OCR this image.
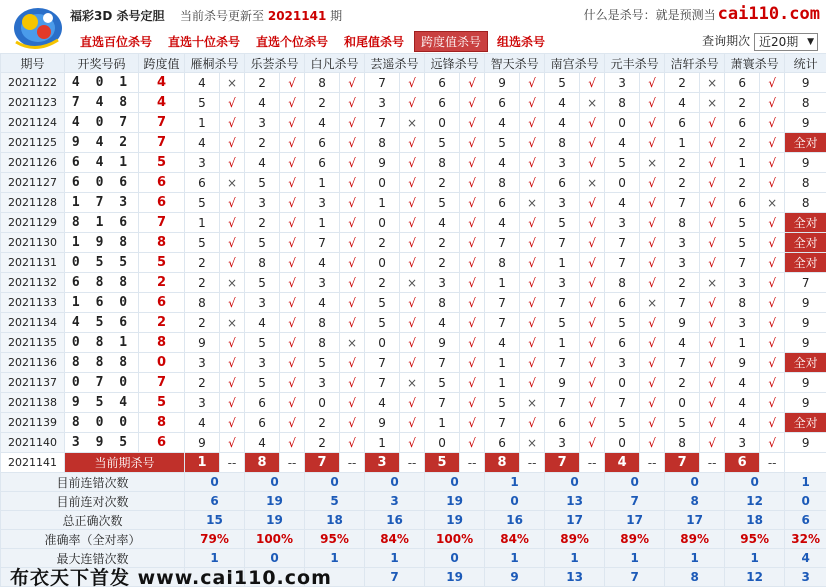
福彩3D 杀号定胆 当前杀号更新至 2021141 期	什么是杀号：就是预测当 cai110.com
直选百位杀号 直选十位杀号 直选个位杀号 和尾值杀号	跨度值杀号	组选杀号	查询期次 近20期 ▼
期号	开奖号码	跨度值	雁桐杀号		乐荟杀号		白凡杀号		芸遥杀号		远锋杀号		智天杀号		南宫杀号		元丰杀号		洁轩杀号		萧寰杀号		统计
2021122	4 0 1	4	4	×	2	√	8	√	7	√	6	√	9	√	5	√	3	√	2	×	6	√	9
2021123	7 4 8	4	5	√	4	√	2	√	3	√	6	√	6	√	4	×	8	√	4	×	2	√	8
2021124	4 0 7	7	1	√	3	√	4	√	7	×	0	√	4	√	4	√	0	√	6	√	6	√	9
2021125	9 4 2	7	4	√	2	√	6	√	8	√	5	√	5	√	8	√	4	√	1	√	2	√	全对
2021126	6 4 1	5	3	√	4	√	6	√	9	√	8	√	4	√	3	√	5	×	2	√	1	√	9
2021127	6 0 6	6	6	×	5	√	1	√	0	√	2	√	8	√	6	×	0	√	2	√	2	√	8
2021128	1 7 3	6	5	√	3	√	3	√	1	√	5	√	6	×	3	√	4	√	7	√	6	×	8
2021129	8 1 6	7	1	√	2	√	1	√	0	√	4	√	4	√	5	√	3	√	8	√	5	√	全对
2021130	1 9 8	8	5	√	5	√	7	√	2	√	2	√	7	√	7	√	7	√	3	√	5	√	全对
2021131	0 5 5	5	2	√	8	√	4	√	0	√	2	√	8	√	1	√	7	√	3	√	7	√	全对
2021132	6 8 8	2	2	×	5	√	3	√	2	×	3	√	1	√	3	√	8	√	2	×	3	√	7
2021133	1 6 0	6	8	√	3	√	4	√	5	√	8	√	7	√	7	√	6	×	7	√	8	√	9
2021134	4 5 6	2	2	×	4	√	8	√	5	√	4	√	7	√	5	√	5	√	9	√	3	√	9
2021135	0 8 1	8	9	√	5	√	8	×	0	√	9	√	4	√	1	√	6	√	4	√	1	√	9
2021136	8 8 8	0	3	√	3	√	5	√	7	√	7	√	1	√	7	√	3	√	7	√	9	√	全对
2021137	0 7 0	7	2	√	5	√	3	√	7	×	5	√	1	√	9	√	0	√	2	√	4	√	9
2021138	9 5 4	5	3	√	6	√	0	√	4	√	7	√	5	×	7	√	7	√	0	√	4	√	9
2021139	8 0 0	8	4	√	6	√	2	√	9	√	1	√	7	√	6	√	5	√	5	√	4	√	全对
2021140	3 9 5	6	9	√	4	√	2	√	1	√	0	√	6	×	3	√	0	√	8	√	3	√	9
2021141	当前期杀号		1	--	8	--	7	--	3	--	5	--	8	--	7	--	4	--	7	--	6	--	
目前连错次数			0		0		0		0		0		1		0		0		0		0		1
目前连对次数			6		19		5		3		19		0		13		7		8		12		0
总正确次数			15		19		18		16		19		16		17		17		17		18		6
准确率（全对率）			79%		100%		95%		84%		100%		84%		89%		89%		89%		95%		32%
最大连错次数			1		0		1		1		0		1		1		1		1		1		4
									7		19		9		13		7		8		12		3
布衣天下首发 www.cai110.com
